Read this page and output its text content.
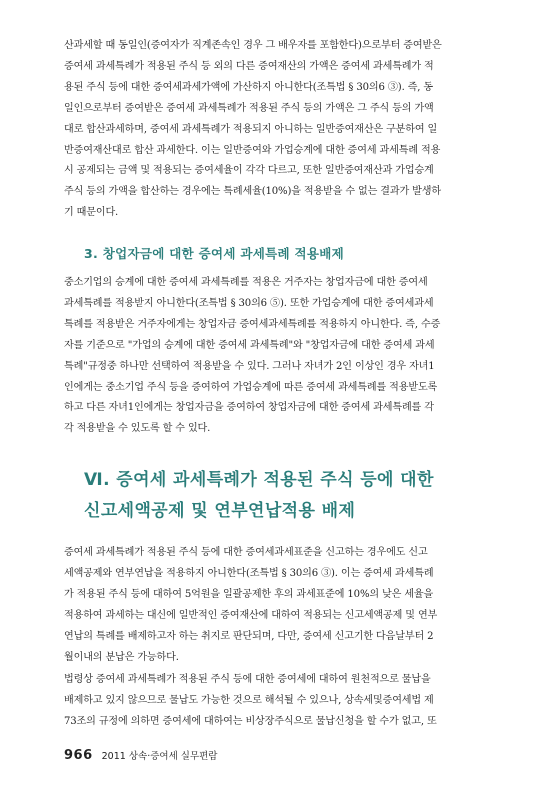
산과세할 때 동일인(증여자가 직계존속인 경우 그 배우자를 포함한다)으로부터 증여받은
증여세 과세특례가 적용된 주식 등 외의 다른 증여재산의 가액은 증여세 과세특례가 적
용된 주식 등에 대한 증여세과세가액에 가산하지 아니한다(조특법 § 30의6 ③). 즉, 동
일인으로부터 증여받은 증여세 과세특례가 적용된 주식 등의 가액은 그 주식 등의 가액
대로 합산과세하며, 증여세 과세특례가 적용되지 아니하는 일반증여재산은 구분하여 일
반증여재산대로 합산 과세한다. 이는 일반증여와 가업승계에 대한 증여세 과세특례 적용
시 공제되는 금액 및 적용되는 증여세율이 각각 다르고, 또한 일반증여재산과 가업승계
주식 등의 가액을 합산하는 경우에는 특례세율(10%)을 적용받을 수 없는 결과가 발생하
기 때문이다.
3. 창업자금에 대한 증여세 과세특례 적용배제
중소기업의 승계에 대한 증여세 과세특례를 적용은 거주자는 창업자금에 대한 증여세
과세특례를 적용받지 아니한다(조특법 § 30의6 ⑤). 또한 가업승계에 대한 증여세과세
특례를 적용받은 거주자에게는 창업자금 증여세과세특례를 적용하지 아니한다. 즉, 수증
자를 기준으로 "가업의 승계에 대한 증여세 과세특례"와 "창업자금에 대한 증여세 과세
특례"규정중 하나만 선택하여 적용받을 수 있다. 그러나 자녀가 2인 이상인 경우 자녀1
인에게는 중소기업 주식 등을 증여하여 가업승계에 따른 증여세 과세특례를 적용받도록
하고 다른 자녀1인에게는 창업자금을 증여하여 창업자금에 대한 증여세 과세특례를 각
각 적용받을 수 있도록 할 수 있다.
Ⅵ. 증여세 과세특례가 적용된 주식 등에 대한
신고세액공제 및 연부연납적용 배제
증여세 과세특례가 적용된 주식 등에 대한 증여세과세표준을 신고하는 경우에도 신고
세액공제와 연부연납을 적용하지 아니한다(조특법 § 30의6 ③). 이는 증여세 과세특례
가 적용된 주식 등에 대하여 5억원을 일괄공제한 후의 과세표준에 10%의 낮은 세율을
적용하여 과세하는 대신에 일반적인 증여재산에 대하여 적용되는 신고세액공제 및 연부
연납의 특례를 배제하고자 하는 취지로 판단되며, 다만, 증여세 신고기한 다음날부터 2
월이내의 분납은 가능하다.
법령상 증여세 과세특례가 적용된 주식 등에 대한 증여세에 대하여 원천적으로 물납을
배제하고 있지 않으므로 물납도 가능한 것으로 해석될 수 있으나, 상속세및증여세법 제
73조의 규정에 의하면 증여세에 대하여는 비상장주식으로 물납신청을 할 수가 없고, 또
966 2011 상속·증여세 실무편람
